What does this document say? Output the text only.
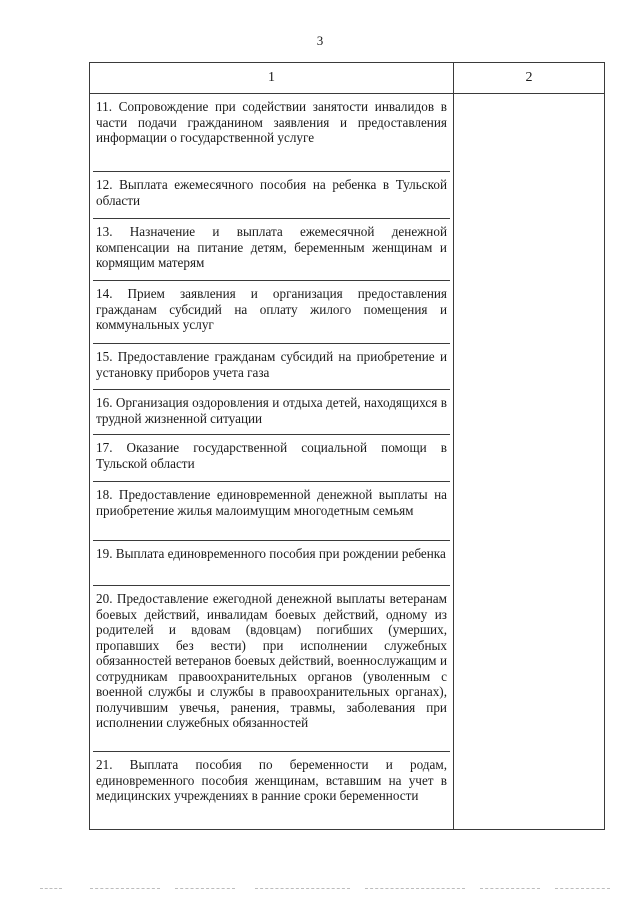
3
1	2
11. Сопровождение при содействии занятости инвалидов в части подачи гражданином заявления и предоставления информации о государственной услуге
12. Выплата ежемесячного пособия на ребенка в Тульской области
13. Назначение и выплата ежемесячной денежной компенсации на питание детям, беременным женщинам и кормящим матерям
14. Прием заявления и организация предоставления гражданам субсидий на оплату жилого помещения и коммунальных услуг
15. Предоставление гражданам субсидий на приобретение и установку приборов учета газа
16. Организация оздоровления и отдыха детей, находящихся в трудной жизненной ситуации
17. Оказание государственной социальной помощи в Тульской области
18. Предоставление единовременной денежной выплаты на приобретение жилья малоимущим многодетным семьям
19. Выплата единовременного пособия при рождении ребенка
20. Предоставление ежегодной денежной выплаты ветеранам боевых действий, инвалидам боевых действий, одному из родителей и вдовам (вдовцам) погибших (умерших, пропавших без вести) при исполнении служебных обязанностей ветеранов боевых действий, военнослужащим и сотрудникам правоохранительных органов (уволенным с военной службы и службы в правоохранительных органах), получившим увечья, ранения, травмы, заболевания при исполнении служебных обязанностей
21. Выплата пособия по беременности и родам, единовременного пособия женщинам, вставшим на учет в медицинских учреждениях в ранние сроки беременности
